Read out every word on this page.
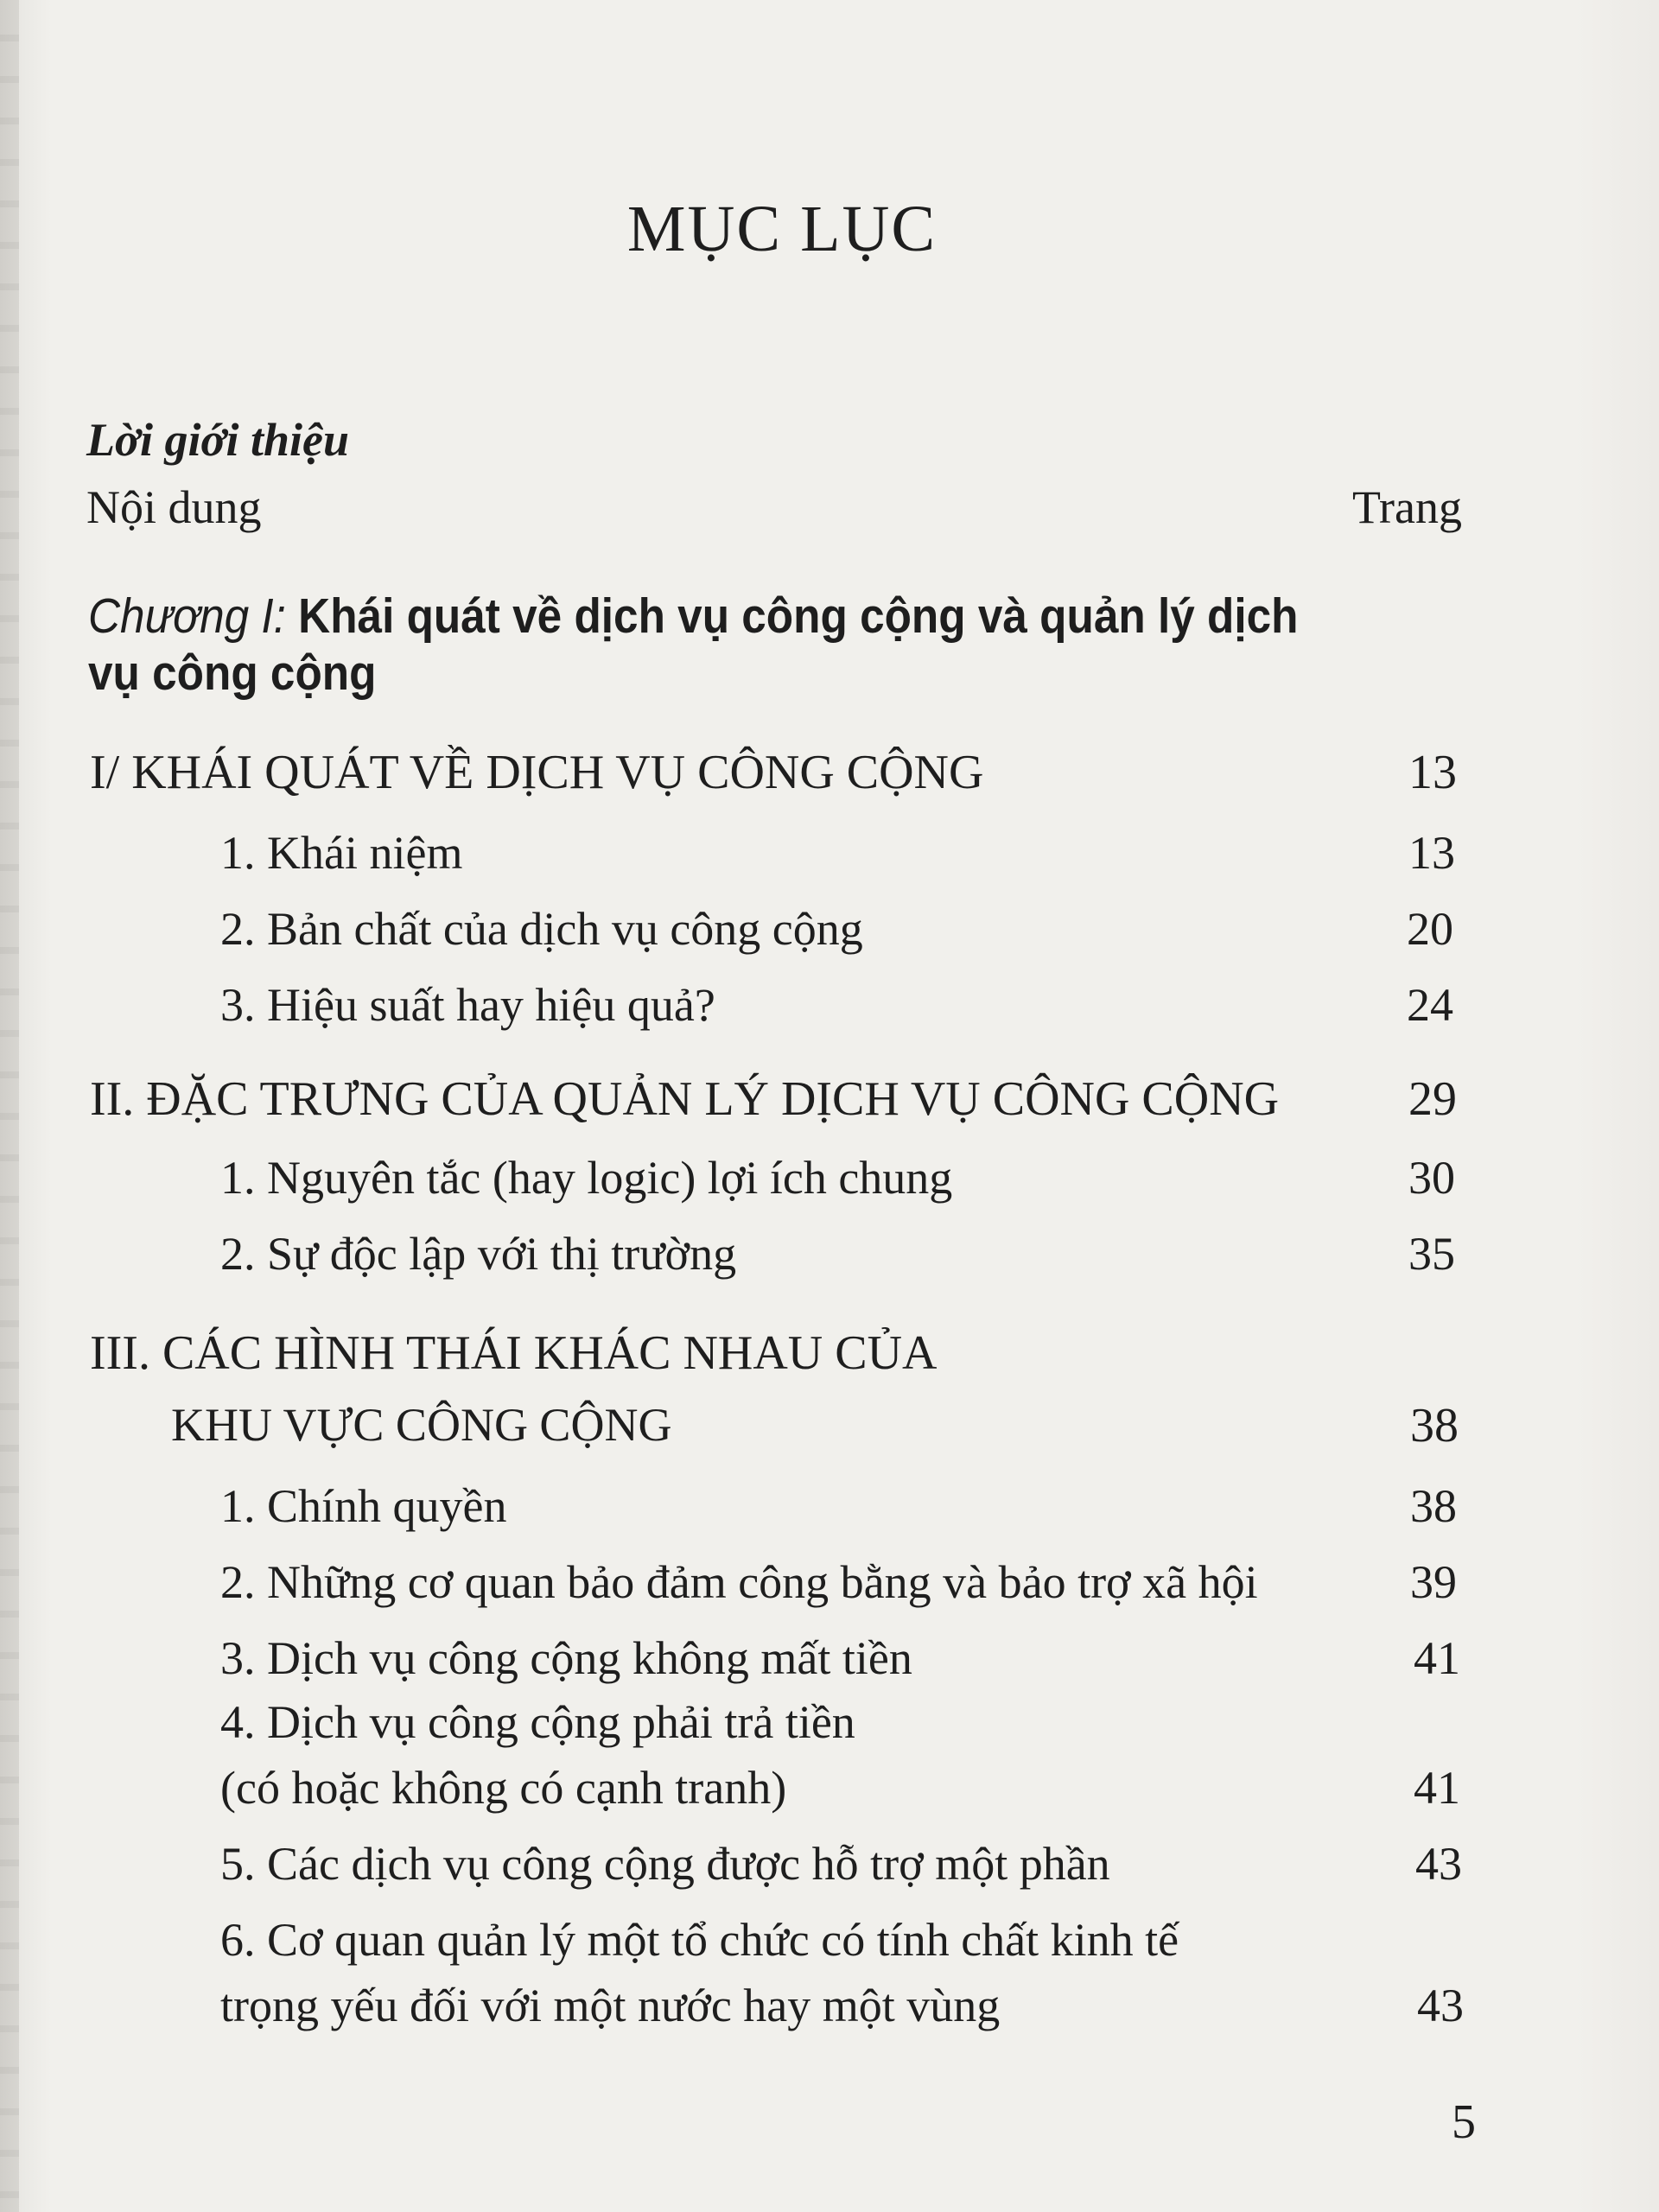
MỤC LỤC
Lời giới thiệu
Nội dung	Trang
Chương I: Khái quát về dịch vụ công cộng và quản lý dịch vụ công cộng
I/ KHÁI QUÁT VỀ DỊCH VỤ CÔNG CỘNG	13
1. Khái niệm	13
2. Bản chất của dịch vụ công cộng	20
3. Hiệu suất hay hiệu quả?	24
II. ĐẶC TRƯNG CỦA QUẢN LÝ DỊCH VỤ CÔNG CỘNG	29
1. Nguyên tắc (hay logic) lợi ích chung	30
2. Sự độc lập với thị trường	35
III. CÁC HÌNH THÁI KHÁC NHAU CỦA
KHU VỰC CÔNG CỘNG	38
1. Chính quyền	38
2. Những cơ quan bảo đảm công bằng và bảo trợ xã hội	39
3. Dịch vụ công cộng không mất tiền	41
4. Dịch vụ công cộng phải trả tiền
(có hoặc không có cạnh tranh)	41
5. Các dịch vụ công cộng được hỗ trợ một phần	43
6. Cơ quan quản lý một tổ chức có tính chất kinh tế
trọng yếu đối với một nước hay một vùng	43
5
